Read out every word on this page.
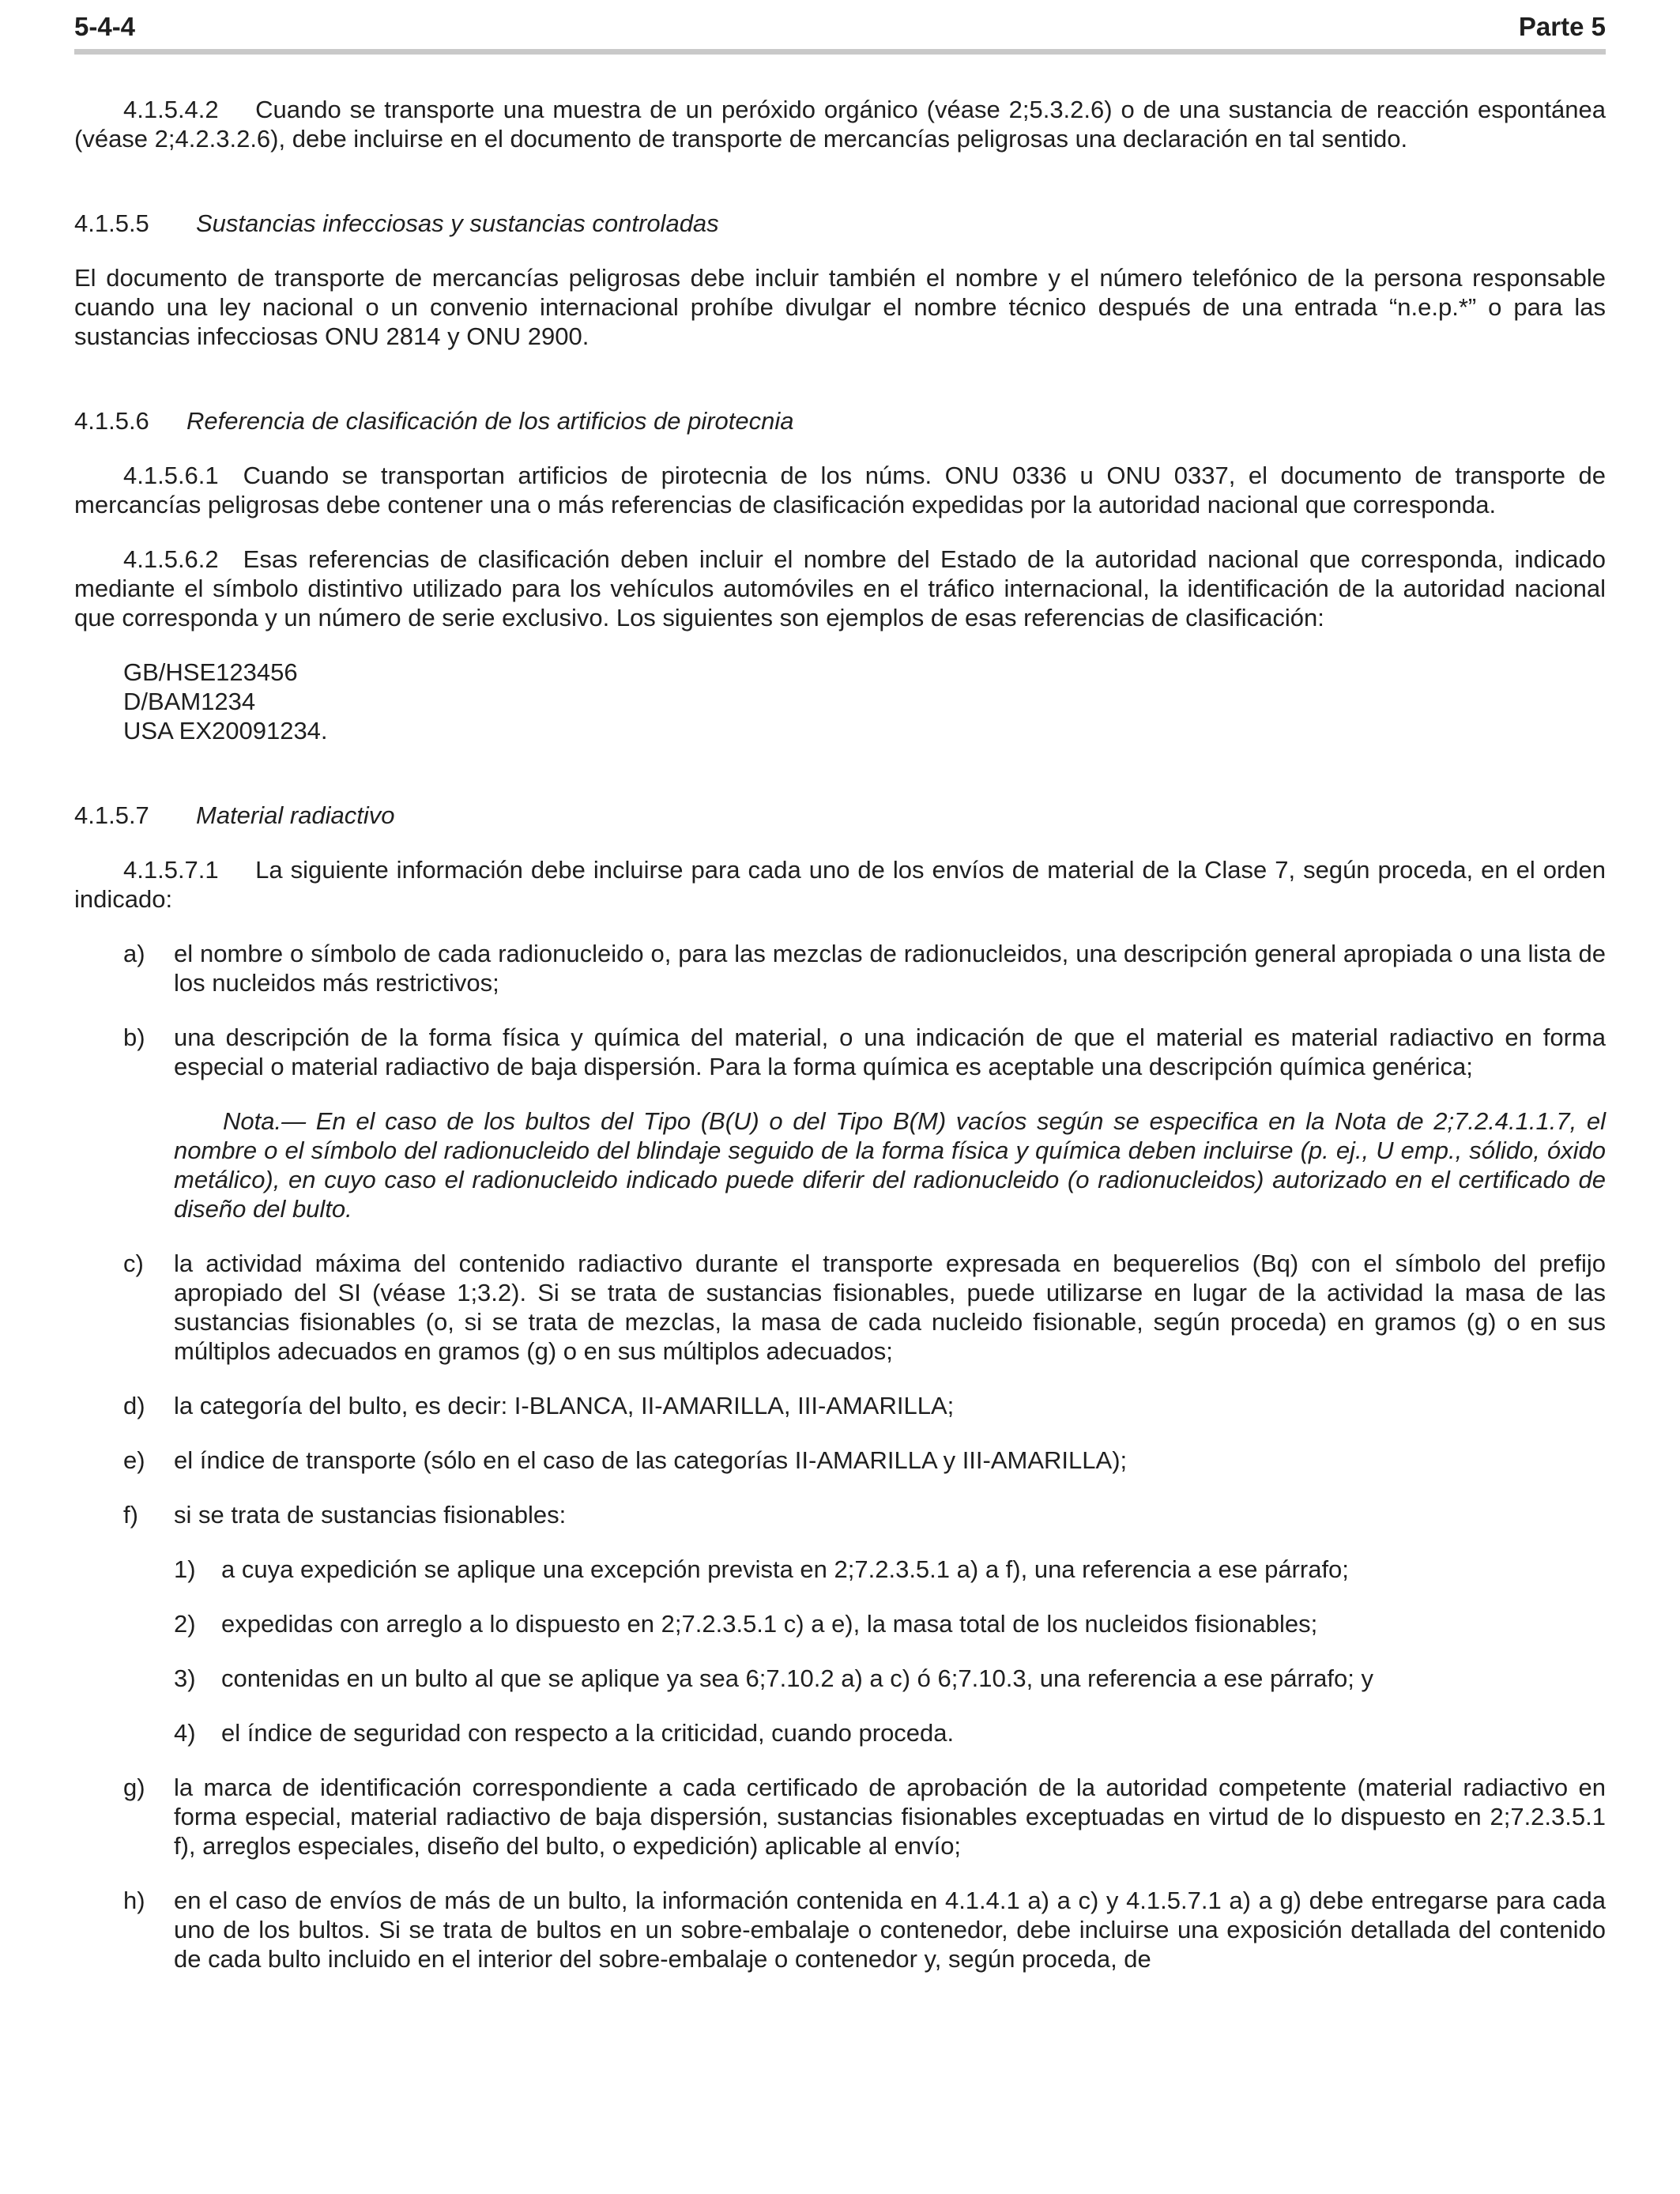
5-4-4	Parte 5

4.1.5.4.2  Cuando se transporte una muestra de un peróxido orgánico (véase 2;5.3.2.6) o de una sustancia de reacción espontánea (véase 2;4.2.3.2.6), debe incluirse en el documento de transporte de mercancías peligrosas una declaración en tal sentido.

4.1.5.5 Sustancias infecciosas y sustancias controladas

El documento de transporte de mercancías peligrosas debe incluir también el nombre y el número telefónico de la persona responsable cuando una ley nacional o un convenio internacional prohíbe divulgar el nombre técnico después de una entrada “n.e.p.*” o para las sustancias infecciosas ONU 2814 y ONU 2900.

4.1.5.6 Referencia de clasificación de los artificios de pirotecnia

4.1.5.6.1 Cuando se transportan artificios de pirotecnia de los núms. ONU 0336 u ONU 0337, el documento de transporte de mercancías peligrosas debe contener una o más referencias de clasificación expedidas por la autoridad nacional que corresponda.

4.1.5.6.2 Esas referencias de clasificación deben incluir el nombre del Estado de la autoridad nacional que corresponda, indicado mediante el símbolo distintivo utilizado para los vehículos automóviles en el tráfico internacional, la identificación de la autoridad nacional que corresponda y un número de serie exclusivo. Los siguientes son ejemplos de esas referencias de clasificación:

GB/HSE123456
D/BAM1234
USA EX20091234.
4.1.5.7 Material radiactivo

4.1.5.7.1  La siguiente información debe incluirse para cada uno de los envíos de material de la Clase 7, según proceda, en el orden indicado:

a)	el nombre o símbolo de cada radionucleido o, para las mezclas de radionucleidos, una descripción general apropiada o una lista de los nucleidos más restrictivos;
b)	una descripción de la forma física y química del material, o una indicación de que el material es material radiactivo en forma especial o material radiactivo de baja dispersión. Para la forma química es aceptable una descripción química genérica;

Nota.— En el caso de los bultos del Tipo (B(U) o del Tipo B(M) vacíos según se especifica en la Nota de 2;7.2.4.1.1.7, el nombre o el símbolo del radionucleido del blindaje seguido de la forma física y química deben incluirse (p. ej., U emp., sólido, óxido metálico), en cuyo caso el radionucleido indicado puede diferir del radionucleido (o radionucleidos) autorizado en el certificado de diseño del bulto.

c)	la actividad máxima del contenido radiactivo durante el transporte expresada en bequerelios (Bq) con el símbolo del prefijo apropiado del SI (véase 1;3.2). Si se trata de sustancias fisionables, puede utilizarse en lugar de la actividad la masa de las sustancias fisionables (o, si se trata de mezclas, la masa de cada nucleido fisionable, según proceda) en gramos (g) o en sus múltiplos adecuados en gramos (g) o en sus múltiplos adecuados;
d)	la categoría del bulto, es decir: I-BLANCA, II-AMARILLA, III-AMARILLA;
e)	el índice de transporte (sólo en el caso de las categorías II-AMARILLA y III-AMARILLA);
f)	si se trata de sustancias fisionables:
1)	a cuya expedición se aplique una excepción prevista en 2;7.2.3.5.1 a) a f), una referencia a ese párrafo;
2)	expedidas con arreglo a lo dispuesto en 2;7.2.3.5.1 c) a e), la masa total de los nucleidos fisionables;
3)	contenidas en un bulto al que se aplique ya sea 6;7.10.2 a) a c) ó 6;7.10.3, una referencia a ese párrafo; y
4)	el índice de seguridad con respecto a la criticidad, cuando proceda.
g)	la marca de identificación correspondiente a cada certificado de aprobación de la autoridad competente (material radiactivo en forma especial, material radiactivo de baja dispersión, sustancias fisionables exceptuadas en virtud de lo dispuesto en 2;7.2.3.5.1 f), arreglos especiales, diseño del bulto, o expedición) aplicable al envío;
h)	en el caso de envíos de más de un bulto, la información contenida en 4.1.4.1 a) a c) y 4.1.5.7.1 a) a g) debe entregarse para cada uno de los bultos. Si se trata de bultos en un sobre-embalaje o contenedor, debe incluirse una exposición detallada del contenido de cada bulto incluido en el interior del sobre-embalaje o contenedor y, según proceda, de
